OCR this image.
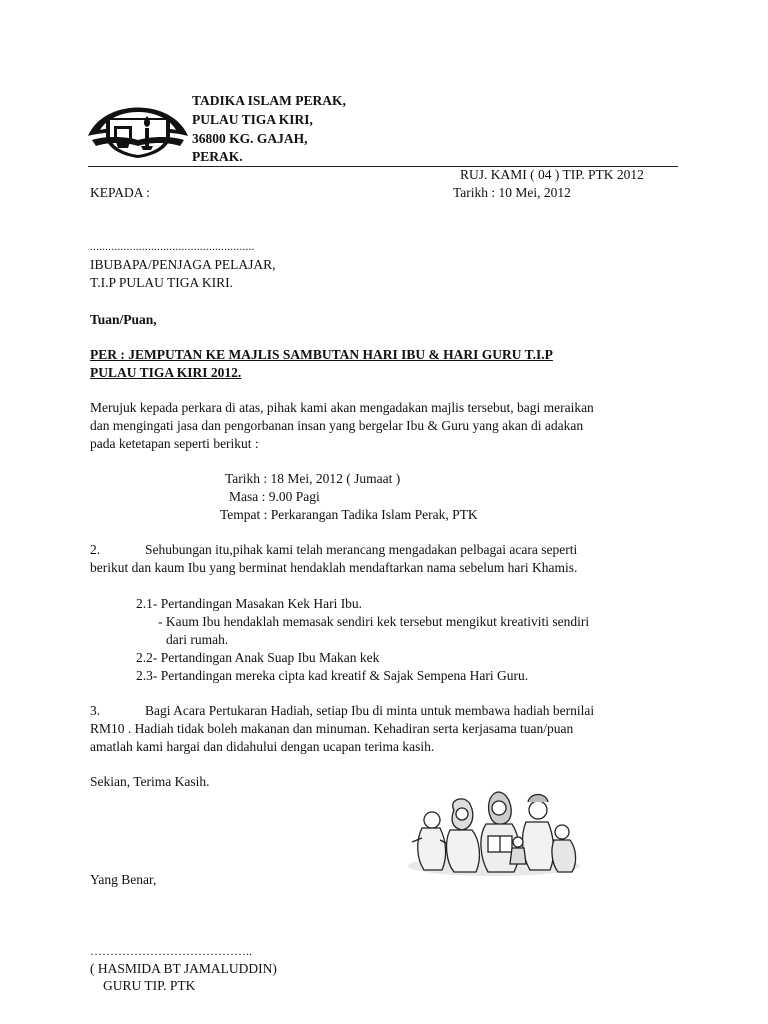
TADIKA ISLAM PERAK,
PULAU TIGA KIRI,
36800 KG. GAJAH,
PERAK.
RUJ. KAMI ( 04 ) TIP. PTK 2012
KEPADA :	Tarikh : 10 Mei, 2012
......................................................
IBUBAPA/PENJAGA PELAJAR,
T.I.P PULAU TIGA KIRI.
Tuan/Puan,
PER : JEMPUTAN KE MAJLIS SAMBUTAN HARI IBU & HARI GURU T.I.P
PULAU TIGA KIRI 2012.
Merujuk kepada perkara di atas, pihak kami akan mengadakan majlis tersebut, bagi meraikan
dan mengingati jasa dan pengorbanan insan yang bergelar Ibu & Guru yang akan di adakan
pada ketetapan seperti berikut :
Tarikh : 18 Mei, 2012 ( Jumaat )
Masa : 9.00 Pagi
Tempat : Perkarangan Tadika Islam Perak, PTK
2.	Sehubungan itu,pihak kami telah merancang mengadakan pelbagai acara seperti
berikut dan kaum Ibu yang berminat hendaklah mendaftarkan nama sebelum hari Khamis.
2.1- Pertandingan Masakan Kek Hari Ibu.
- Kaum Ibu hendaklah memasak sendiri kek tersebut mengikut kreativiti sendiri
dari rumah.
2.2- Pertandingan Anak Suap Ibu Makan kek
2.3- Pertandingan mereka cipta kad kreatif & Sajak Sempena Hari Guru.
3.	Bagi Acara Pertukaran Hadiah, setiap Ibu di minta untuk membawa hadiah bernilai
RM10 . Hadiah tidak boleh makanan dan minuman. Kehadiran serta kerjasama tuan/puan
amatlah kami hargai dan didahului dengan ucapan terima kasih.
Sekian, Terima Kasih.
Yang Benar,
…………………………………..
( HASMIDA BT JAMALUDDIN)
GURU TIP. PTK
